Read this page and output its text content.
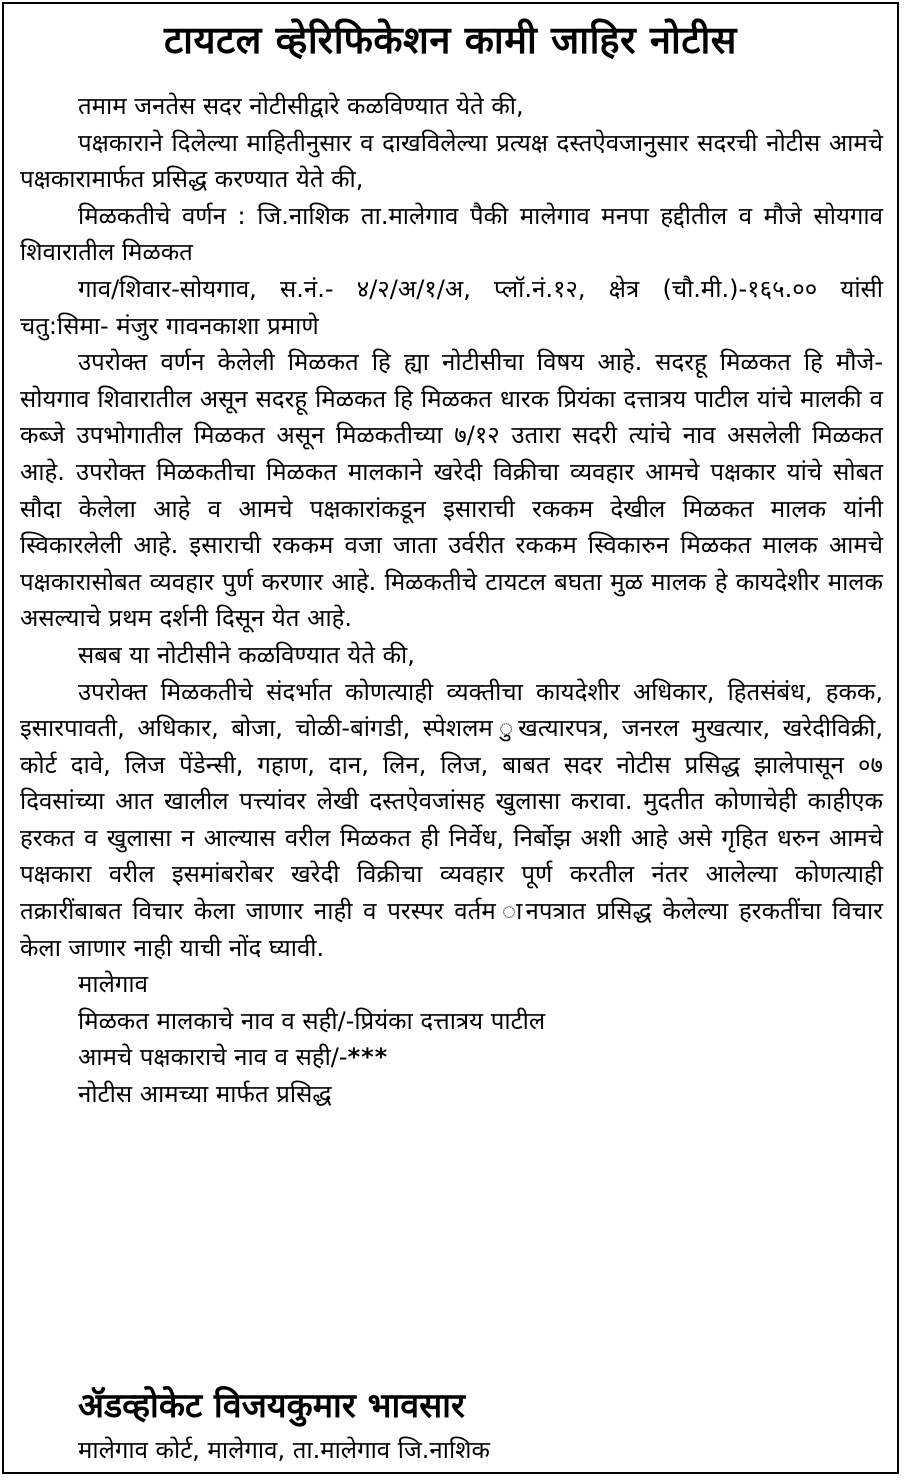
टायटल व्हेरिफिकेशन कामी जाहिर नोटीस

तमाम जनतेस सदर नोटीसीद्वारे कळविण्यात येते की,

पक्षकाराने दिलेल्या माहितीनुसार व दाखविलेल्या प्रत्यक्ष दस्तऐवजानुसार सदरची नोटीस आमचे पक्षकारामार्फत प्रसिद्ध करण्यात येते की,

मिळकतीचे वर्णन : जि.नाशिक ता.मालेगाव पैकी मालेगाव मनपा हद्दीतील व मौजे सोयगाव शिवारातील मिळकत

गाव/शिवार-सोयगाव, स.नं.- ४/२/अ/१/अ, प्लॉ.नं.१२, क्षेत्र (चौ.मी.)-१६५.०० यांसी चतु:सिमा- मंजुर गावनकाशा प्रमाणे

उपरोक्त वर्णन केलेली मिळकत हि ह्या नोटीसीचा विषय आहे. सदरहू मिळकत हि मौजे-सोयगाव शिवारातील असून सदरहू मिळकत हि मिळकत धारक प्रियंका दत्तात्रय पाटील यांचे मालकी व कब्जे उपभोगातील मिळकत असून मिळकतीच्या ७/१२ उतारा सदरी त्यांचे नाव असलेली मिळकत आहे. उपरोक्त मिळकतीचा मिळकत मालकाने खरेदी विक्रीचा व्यवहार आमचे पक्षकार यांचे सोबत सौदा केलेला आहे व आमचे पक्षकारांकडून इसाराची रककम देखील मिळकत मालक यांनी स्विकारलेली आहे. इसाराची रककम वजा जाता उर्वरीत रककम स्विकारुन मिळकत मालक आमचे पक्षकारासोबत व्यवहार पुर्ण करणार आहे. मिळकतीचे टायटल बघता मुळ मालक हे कायदेशीर मालक असल्याचे प्रथम दर्शनी दिसून येत आहे.

सबब या नोटीसीने कळविण्यात येते की,

उपरोक्त मिळकतीचे संदर्भात कोणत्याही व्यक्तीचा कायदेशीर अधिकार, हितसंबंध, हकक, इसारपावती, अधिकार, बोजा, चोळी-बांगडी, स्पेशलम ुखत्यारपत्र, जनरल मुखत्यार, खरेदीविक्री, कोर्ट दावे, लिज पेंडेन्सी, गहाण, दान, लिन, लिज, बाबत सदर नोटीस प्रसिद्ध झालेपासून ०७ दिवसांच्या आत खालील पत्त्यांवर लेखी दस्तऐवजांसह खुलासा करावा. मुदतीत कोणाचेही काहीएक हरकत व खुलासा न आल्यास वरील मिळकत ही निर्वेध, निर्बोझ अशी आहे असे गृहित धरुन आमचे पक्षकारा वरील इसमांबरोबर खरेदी विक्रीचा व्यवहार पूर्ण करतील नंतर आलेल्या कोणत्याही तक्रारींबाबत विचार केला जाणार नाही व परस्पर वर्तम ानपत्रात प्रसिद्ध केलेल्या हरकतींचा विचार केला जाणार नाही याची नोंद घ्यावी.

मालेगाव

मिळकत मालकाचे नाव व सही/-प्रियंका दत्तात्रय पाटील

आमचे पक्षकाराचे नाव व सही/-***

नोटीस आमच्या मार्फत प्रसिद्ध

ॲडव्होकेट विजयकुमार भावसार
मालेगाव कोर्ट, मालेगाव, ता.मालेगाव जि.नाशिक
